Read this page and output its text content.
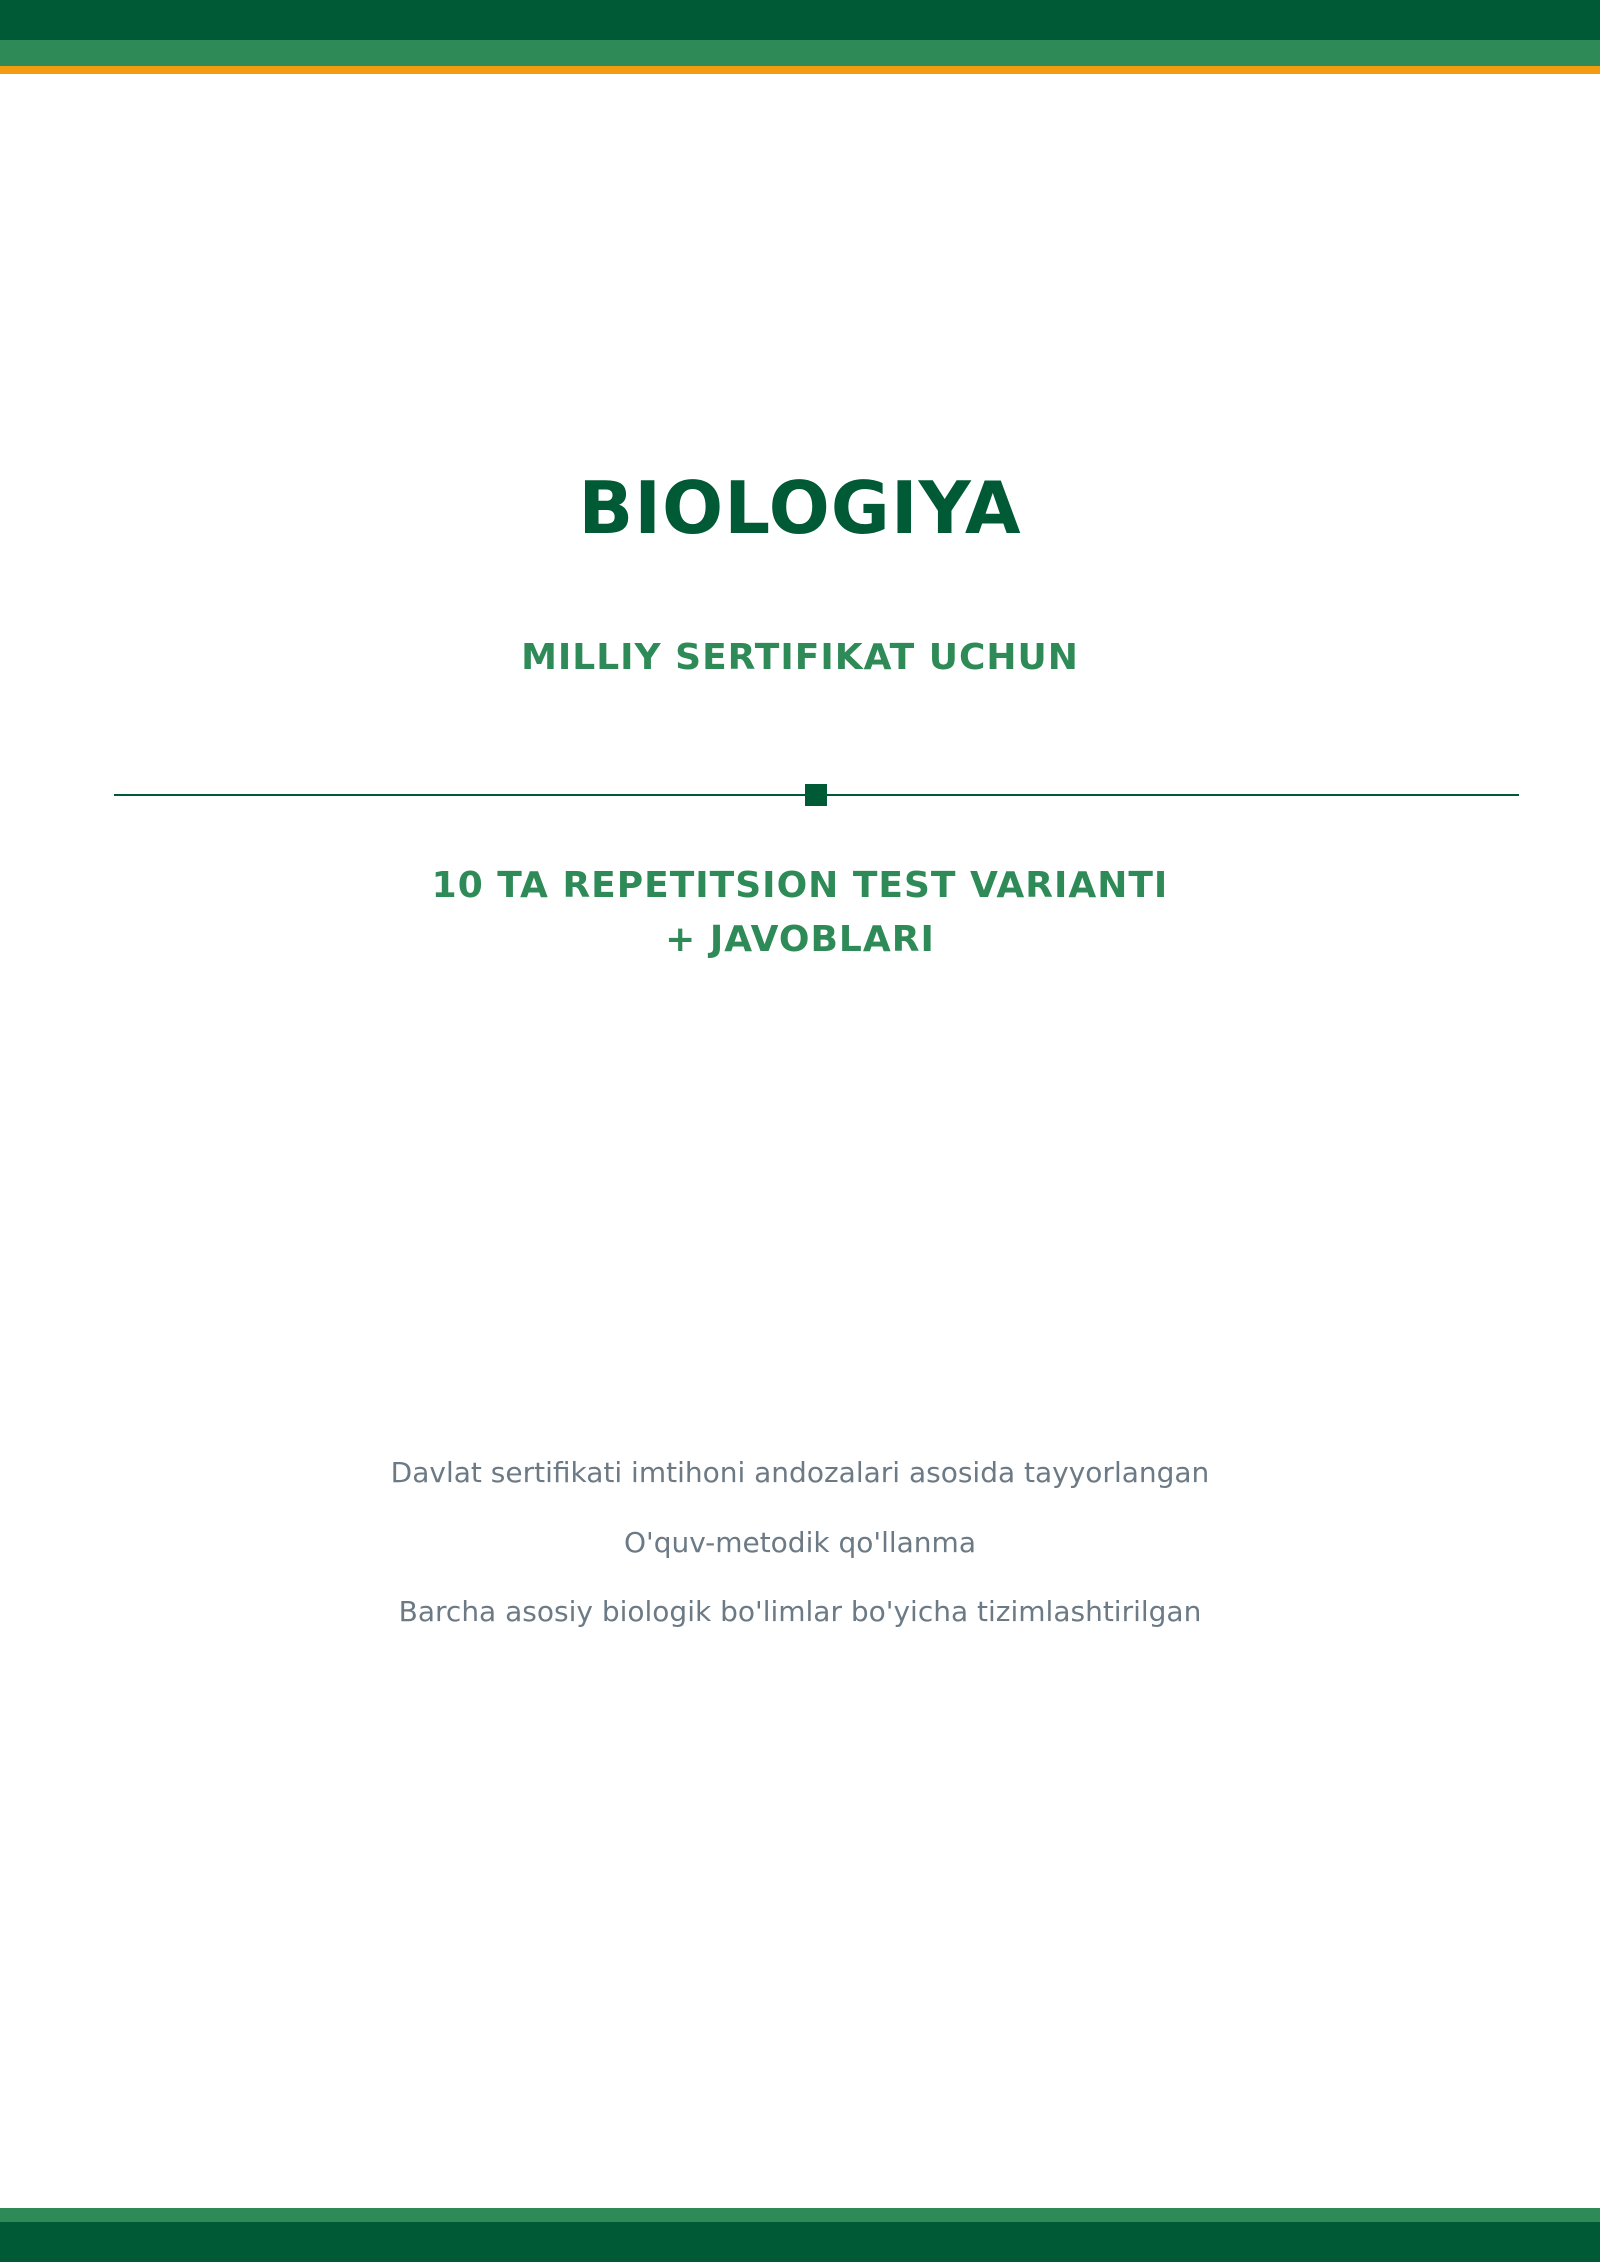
BIOLOGIYA
MILLIY SERTIFIKAT UCHUN

10 TA REPETITSION TEST VARIANTI

+ JAVOBLARI

Davlat sertifikati imtihoni andozalari asosida tayyorlangan

O'quv-metodik qo'llanma

Barcha asosiy biologik bo'limlar bo'yicha tizimlashtirilgan
